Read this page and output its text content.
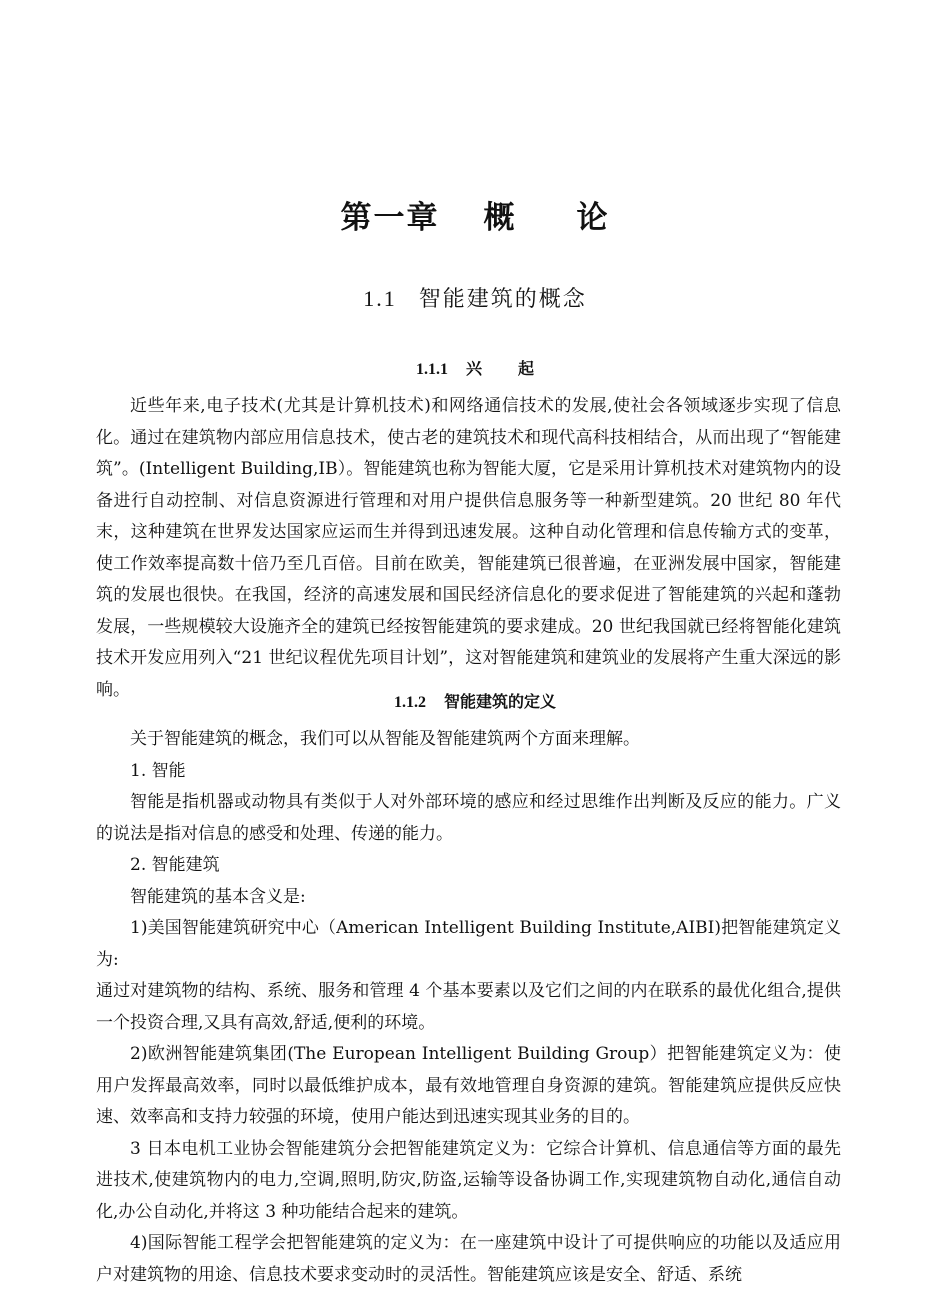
第一章 概 论
1.1 智能建筑的概念
1.1.1 兴 起

近些年来,电子技术(尤其是计算机技术)和网络通信技术的发展,使社会各领域逐步实现了信息化。通过在建筑物内部应用信息技术，使古老的建筑技术和现代高科技相结合，从而出现了“智能建筑”。(Intelligent Building,IB）。智能建筑也称为智能大厦，它是采用计算机技术对建筑物内的设备进行自动控制、对信息资源进行管理和对用户提供信息服务等一种新型建筑。20 世纪 80 年代末，这种建筑在世界发达国家应运而生并得到迅速发展。这种自动化管理和信息传输方式的变革，使工作效率提高数十倍乃至几百倍。目前在欧美，智能建筑已很普遍，在亚洲发展中国家，智能建筑的发展也很快。在我国，经济的高速发展和国民经济信息化的要求促进了智能建筑的兴起和蓬勃发展，一些规模较大设施齐全的建筑已经按智能建筑的要求建成。20 世纪我国就已经将智能化建筑技术开发应用列入“21 世纪议程优先项目计划”，这对智能建筑和建筑业的发展将产生重大深远的影响。

1.1.2 智能建筑的定义

关于智能建筑的概念，我们可以从智能及智能建筑两个方面来理解。

1. 智能

智能是指机器或动物具有类似于人对外部环境的感应和经过思维作出判断及反应的能力。广义的说法是指对信息的感受和处理、传递的能力。

2. 智能建筑

智能建筑的基本含义是:

1)美国智能建筑研究中心（American Intelligent Building Institute,AIBI)把智能建筑定义为:

通过对建筑物的结构、系统、服务和管理 4 个基本要素以及它们之间的内在联系的最优化组合,提供一个投资合理,又具有高效,舒适,便利的环境。

2)欧洲智能建筑集团(The European Intelligent Building Group）把智能建筑定义为：使用户发挥最高效率，同时以最低维护成本，最有效地管理自身资源的建筑。智能建筑应提供反应快速、效率高和支持力较强的环境，使用户能达到迅速实现其业务的目的。

3 日本电机工业协会智能建筑分会把智能建筑定义为：它综合计算机、信息通信等方面的最先进技术,使建筑物内的电力,空调,照明,防灾,防盗,运输等设备协调工作,实现建筑物自动化,通信自动化,办公自动化,并将这 3 种功能结合起来的建筑。

4)国际智能工程学会把智能建筑的定义为：在一座建筑中设计了可提供响应的功能以及适应用户对建筑物的用途、信息技术要求变动时的灵活性。智能建筑应该是安全、舒适、系统
